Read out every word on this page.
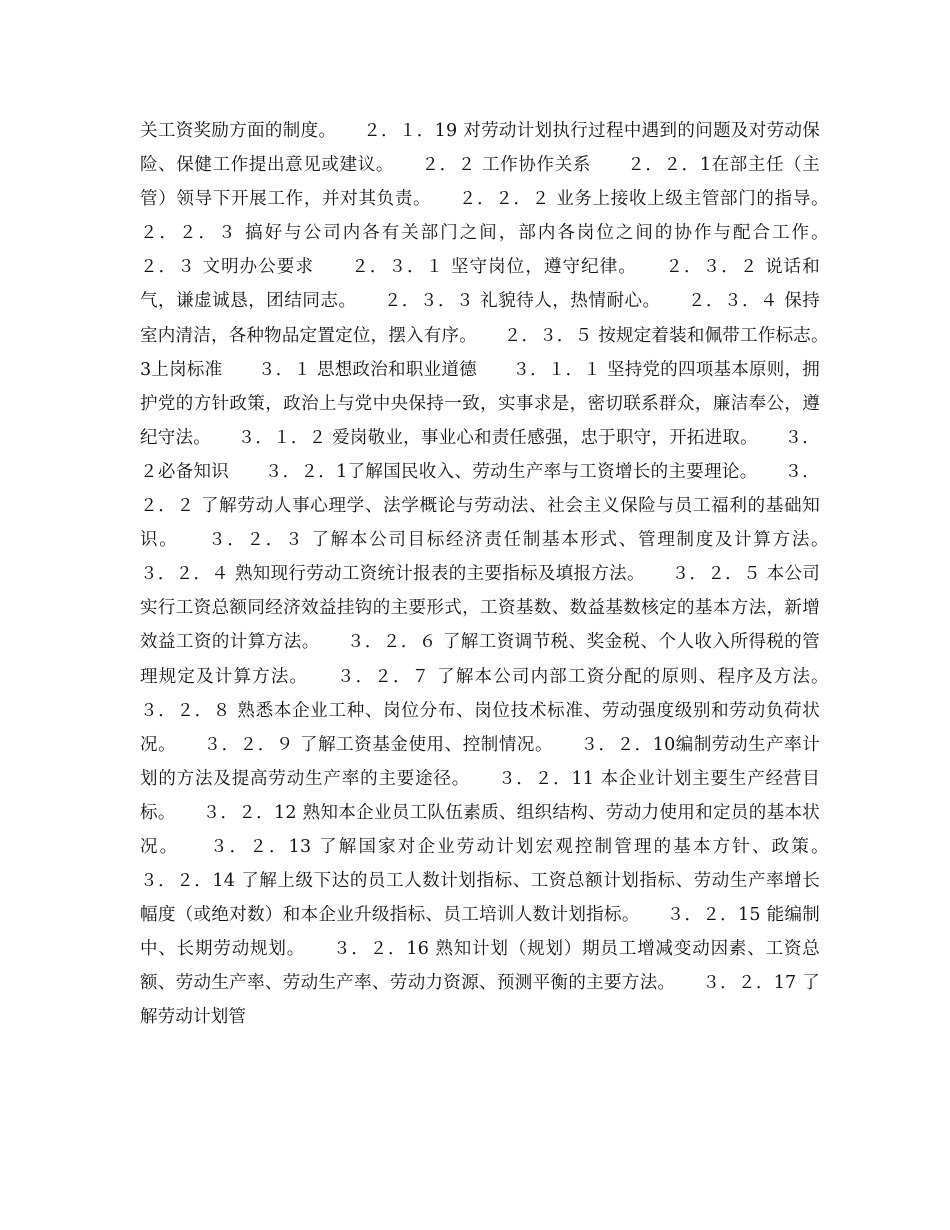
关工资奖励方面的制度。　　２．１．19 对劳动计划执行过程中遇到的问题及对劳动保险、保健工作提出意见或建议。　　２．２ 工作协作关系　　２．２．1在部主任（主管）领导下开展工作，并对其负责。　　２．２．２ 业务上接收上级主管部门的指导。　　２．２．３ 搞好与公司内各有关部门之间，部内各岗位之间的协作与配合工作。　　２．３ 文明办公要求　　２．３．１ 坚守岗位，遵守纪律。　　２．３．２ 说话和气，谦虚诚恳，团结同志。　　２．３．３ 礼貌待人，热情耐心。　　２．３．４ 保持室内清洁，各种物品定置定位，摆入有序。　　２．３．５ 按规定着装和佩带工作标志。　　3上岗标准　　３．１ 思想政治和职业道德　　３．１．１ 坚持党的四项基本原则，拥护党的方针政策，政治上与党中央保持一致，实事求是，密切联系群众，廉洁奉公，遵纪守法。　　３．１．２ 爱岗敬业，事业心和责任感强，忠于职守，开拓进取。　　３．２必备知识　　３．２．1了解国民收入、劳动生产率与工资增长的主要理论。　　３．２．２ 了解劳动人事心理学、法学概论与劳动法、社会主义保险与员工福利的基础知识。　　３．２．３ 了解本公司目标经济责任制基本形式、管理制度及计算方法。　　３．２．４ 熟知现行劳动工资统计报表的主要指标及填报方法。　　３．２．５ 本公司实行工资总额同经济效益挂钩的主要形式，工资基数、数益基数核定的基本方法，新增效益工资的计算方法。　　３．２．６ 了解工资调节税、奖金税、个人收入所得税的管理规定及计算方法。　　３．２．７ 了解本公司内部工资分配的原则、程序及方法。　　３．２．８ 熟悉本企业工种、岗位分布、岗位技术标准、劳动强度级别和劳动负荷状况。　　３．２．９ 了解工资基金使用、控制情况。　　３．２．10编制劳动生产率计划的方法及提高劳动生产率的主要途径。　　３．２．11 本企业计划主要生产经营目标。　　３．２．12 熟知本企业员工队伍素质、组织结构、劳动力使用和定员的基本状况。　　３．２．13 了解国家对企业劳动计划宏观控制管理的基本方针、政策。　　３．２．14 了解上级下达的员工人数计划指标、工资总额计划指标、劳动生产率增长幅度（或绝对数）和本企业升级指标、员工培训人数计划指标。　　３．２．15 能编制中、长期劳动规划。　　３．２．16 熟知计划（规划）期员工增减变动因素、工资总额、劳动生产率、劳动生产率、劳动力资源、预测平衡的主要方法。　　３．２．17 了解劳动计划管
